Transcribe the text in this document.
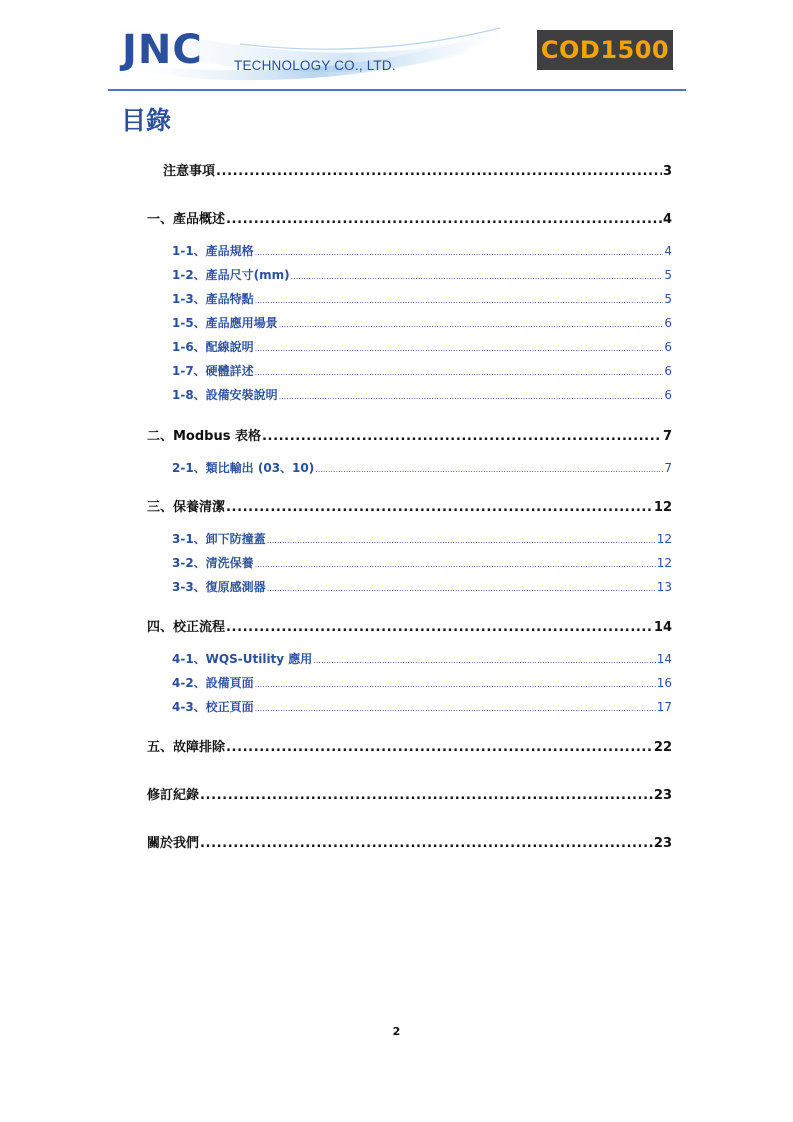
JNC TECHNOLOGY CO., LTD.
COD1500
目錄
注意事項 .....	3
一、產品概述 .....	4
1-1、產品規格 .....	4
1-2、產品尺寸(mm) .....	5
1-3、產品特點 .....	5
1-5、產品應用場景 .....	6
1-6、配線說明 .....	6
1-7、硬體詳述 .....	6
1-8、設備安裝說明 .....	6
二、Modbus 表格 .....	7
2-1、類比輸出 (03、10) .....	7
三、保養清潔 .....	12
3-1、卸下防撞蓋 .....	12
3-2、清洗保養 .....	12
3-3、復原感測器 .....	13
四、校正流程 .....	14
4-1、WQS-Utility 應用 .....	14
4-2、設備頁面 .....	16
4-3、校正頁面 .....	17
五、故障排除 .....	22
修訂紀錄 .....	23
關於我們 .....	23
2
